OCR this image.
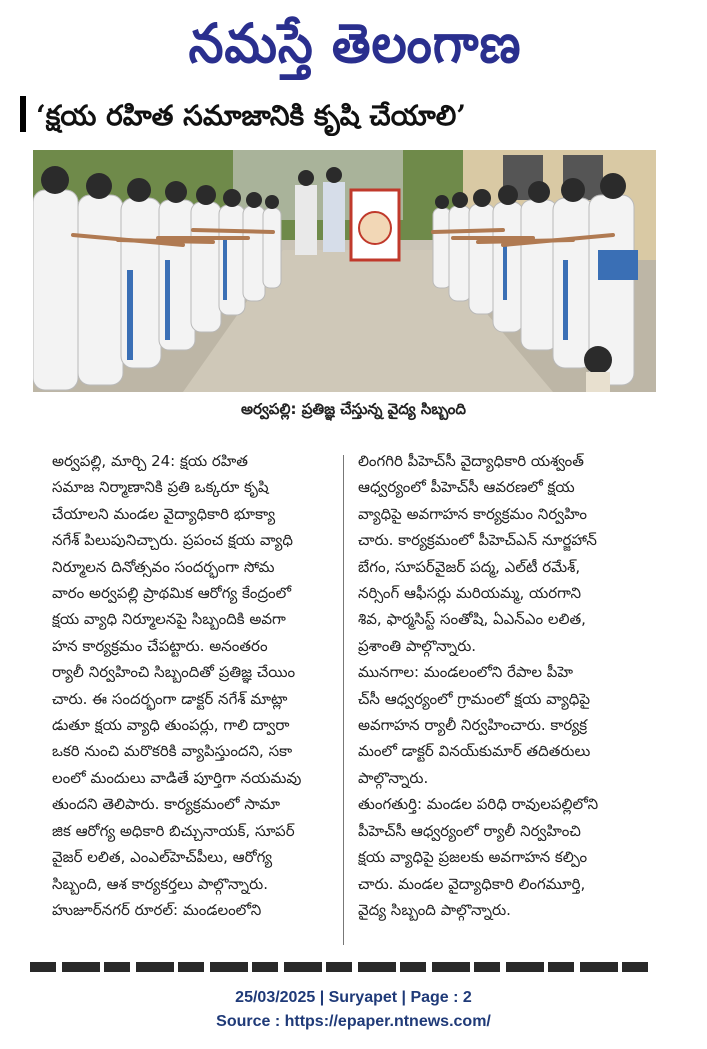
నమస్తే తెలంగాణ
‘క్షయ రహిత సమాజానికి కృషి చేయాలి’
అర్వపల్లి: ప్రతిజ్ఞ చేస్తున్న వైద్య సిబ్బంది

అర్వపల్లి, మార్చి 24: క్షయ రహిత

సమాజ నిర్మాణానికి ప్రతి ఒక్కరూ కృషి

చేయాలని మండల వైద్యాధికారి భూక్యా

నగేశ్ పిలుపునిచ్చారు. ప్రపంచ క్షయ వ్యాధి

నిర్మూలన దినోత్సవం సందర్భంగా సోమ

వారం అర్వపల్లి ప్రాథమిక ఆరోగ్య కేంద్రంలో

క్షయ వ్యాధి నిర్మూలనపై సిబ్బందికి అవగా

హన కార్యక్రమం చేపట్టారు. అనంతరం

ర్యాలీ నిర్వహించి సిబ్బందితో ప్రతిజ్ఞ చేయిం

చారు. ఈ సందర్భంగా డాక్టర్ నగేశ్ మాట్లా

డుతూ క్షయ వ్యాధి తుంపర్లు, గాలి ద్వారా

ఒకరి నుంచి మరొకరికి వ్యాపిస్తుందని, సకా

లంలో మందులు వాడితే పూర్తిగా నయమవు

తుందని తెలిపారు. కార్యక్రమంలో సామా

జిక ఆరోగ్య అధికారి బిచ్చునాయక్, సూపర్

వైజర్ లలిత, ఎంఎల్‌హెచ్‌పీలు, ఆరోగ్య

సిబ్బంది, ఆశ కార్యకర్తలు పాల్గొన్నారు.

హుజూర్‌నగర్ రూరల్: మండలంలోని

లింగగిరి పీహెచ్‌సీ వైద్యాధికారి యశ్వంత్

ఆధ్వర్యంలో పీహెచ్‌సీ ఆవరణలో క్షయ

వ్యాధిపై అవగాహన కార్యక్రమం నిర్వహిం

చారు. కార్యక్రమంలో పీహెచ్‌ఎన్ నూర్జహాన్

బేగం, సూపర్‌వైజర్ పద్మ, ఎల్‌టీ రమేశ్,

నర్సింగ్ ఆఫీసర్లు మరియమ్మ, యరగాని

శివ, ఫార్మసిస్ట్ సంతోషి, ఏఎన్‌ఎం లలిత,

ప్రశాంతి పాల్గొన్నారు.

మునగాల: మండలంలోని రేపాల పీహె

చ్‌సీ ఆధ్వర్యంలో గ్రామంలో క్షయ వ్యాధిపై

అవగాహన ర్యాలీ నిర్వహించారు. కార్యక్ర

మంలో డాక్టర్ వినయ్‌కుమార్ తదితరులు

పాల్గొన్నారు.

తుంగతుర్తి: మండల పరిధి రావులపల్లిలోని

పీహెచ్‌సీ ఆధ్వర్యంలో ర్యాలీ నిర్వహించి

క్షయ వ్యాధిపై ప్రజలకు అవగాహన కల్పిం

చారు. మండల వైద్యాధికారి లింగమూర్తి,

వైద్య సిబ్బంది పాల్గొన్నారు.

25/03/2025 | Suryapet | Page : 2
Source : https://epaper.ntnews.com/
